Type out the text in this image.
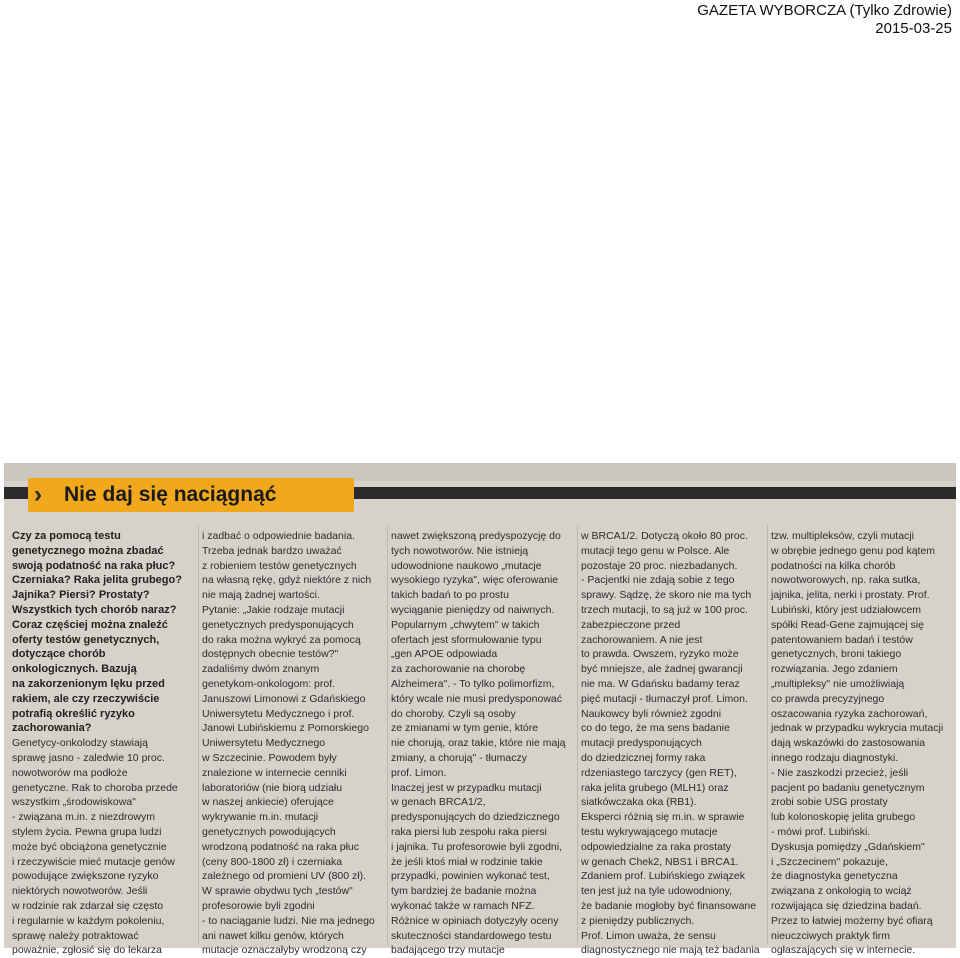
GAZETA WYBORCZA (Tylko Zdrowie)
2015-03-25
Nie daj się naciągnąć
Czy za pomocą testu
genetycznego można zbadać
swoją podatność na raka płuc?
Czerniaka? Raka jelita grubego?
Jajnika? Piersi? Prostaty?
Wszystkich tych chorób naraz?
Coraz częściej można znaleźć
oferty testów genetycznych,
dotyczące chorób
onkologicznych. Bazują
na zakorzenionym lęku przed
rakiem, ale czy rzeczywiście
potrafią określić ryzyko
zachorowania?
Genetycy-onkolodzy stawiają
sprawę jasno - zaledwie 10 proc.
nowotworów ma podłoże
genetyczne. Rak to choroba przede
wszystkim „środowiskowa"
- związana m.in. z niezdrowym
stylem życia. Pewna grupa ludzi
może być obciążona genetycznie
i rzeczywiście mieć mutacje genów
powodujące zwiększone ryzyko
niektórych nowotworów. Jeśli
w rodzinie rak zdarzał się często
i regularnie w każdym pokoleniu,
sprawę należy potraktować
poważnie, zgłosić się do lekarza
i zadbać o odpowiednie badania.
Trzeba jednak bardzo uważać
z robieniem testów genetycznych
na własną rękę, gdyż niektóre z nich
nie mają żadnej wartości.
Pytanie: „Jakie rodzaje mutacji
genetycznych predysponujących
do raka można wykryć za pomocą
dostępnych obecnie testów?"
zadaliśmy dwóm znanym
genetykom-onkologom: prof.
Januszowi Limonowi z Gdańskiego
Uniwersytetu Medycznego i prof.
Janowi Lubińskiemu z Pomorskiego
Uniwersytetu Medycznego
w Szczecinie. Powodem były
znalezione w internecie cenniki
laboratoriów (nie biorą udziału
w naszej ankiecie) oferujące
wykrywanie m.in. mutacji
genetycznych powodujących
wrodzoną podatność na raka płuc
(ceny 800-1800 zł) i czerniaka
zależnego od promieni UV (800 zł).
W sprawie obydwu tych „testów"
profesorowie byli zgodni
- to naciąganie ludzi. Nie ma jednego
ani nawet kilku genów, których
mutacje oznaczałyby wrodzoną czy
nawet zwiększoną predyspozycję do
tych nowotworów. Nie istnieją
udowodnione naukowo „mutacje
wysokiego ryzyka", więc oferowanie
takich badań to po prostu
wyciąganie pieniędzy od naiwnych.
Popularnym „chwytem" w takich
ofertach jest sformułowanie typu
„gen APOE odpowiada
za zachorowanie na chorobę
Alzheimera". - To tylko polimorfizm,
który wcale nie musi predysponować
do choroby. Czyli są osoby
ze zmianami w tym genie, które
nie chorują, oraz takie, które nie mają
zmiany, a chorują" - tłumaczy
prof. Limon.
Inaczej jest w przypadku mutacji
w genach BRCA1/2,
predysponujących do dziedzicznego
raka piersi lub zespołu raka piersi
i jajnika. Tu profesorowie byli zgodni,
że jeśli ktoś miał w rodzinie takie
przypadki, powinien wykonać test,
tym bardziej że badanie można
wykonać także w ramach NFZ.
Różnice w opiniach dotyczyły oceny
skuteczności standardowego testu
badającego trzy mutacje
w BRCA1/2. Dotyczą około 80 proc.
mutacji tego genu w Polsce. Ale
pozostaje 20 proc. niezbadanych.
- Pacjentki nie zdają sobie z tego
sprawy. Sądzę, że skoro nie ma tych
trzech mutacji, to są już w 100 proc.
zabezpieczone przed
zachorowaniem. A nie jest
to prawda. Owszem, ryzyko może
być mniejsze, ale żadnej gwarancji
nie ma. W Gdańsku badamy teraz
pięć mutacji - tłumaczył prof. Limon.
Naukowcy byli również zgodni
co do tego, że ma sens badanie
mutacji predysponujących
do dziedzicznej formy raka
rdzeniastego tarczycy (gen RET),
raka jelita grubego (MLH1) oraz
siatkówczaka oka (RB1).
Eksperci różnią się m.in. w sprawie
testu wykrywającego mutacje
odpowiedzialne za raka prostaty
w genach Chek2, NBS1 i BRCA1.
Zdaniem prof. Lubińskiego związek
ten jest już na tyle udowodniony,
że badanie mogłoby być finansowane
z pieniędzy publicznych.
Prof. Limon uważa, że sensu
diagnostycznego nie mają też badania
tzw. multipleksów, czyli mutacji
w obrębie jednego genu pod kątem
podatności na kilka chorób
nowotworowych, np. raka sutka,
jajnika, jelita, nerki i prostaty. Prof.
Lubiński, który jest udziałowcem
spółki Read-Gene zajmującej się
patentowaniem badań i testów
genetycznych, broni takiego
rozwiązania. Jego zdaniem
„multipleksy" nie umożliwiają
co prawda precyzyjnego
oszacowania ryzyka zachorowań,
jednak w przypadku wykrycia mutacji
dają wskazówki do zastosowania
innego rodzaju diagnostyki.
- Nie zaszkodzi przecież, jeśli
pacjent po badaniu genetycznym
zrobi sobie USG prostaty
lub kolonoskopię jelita grubego
- mówi prof. Lubiński.
Dyskusja pomiędzy „Gdańskiem"
i „Szczecinem" pokazuje,
że diagnostyka genetyczna
związana z onkologią to wciąż
rozwijająca się dziedzina badań.
Przez to łatwiej możemy być ofiarą
nieuczciwych praktyk firm
ogłaszających się w internecie.
